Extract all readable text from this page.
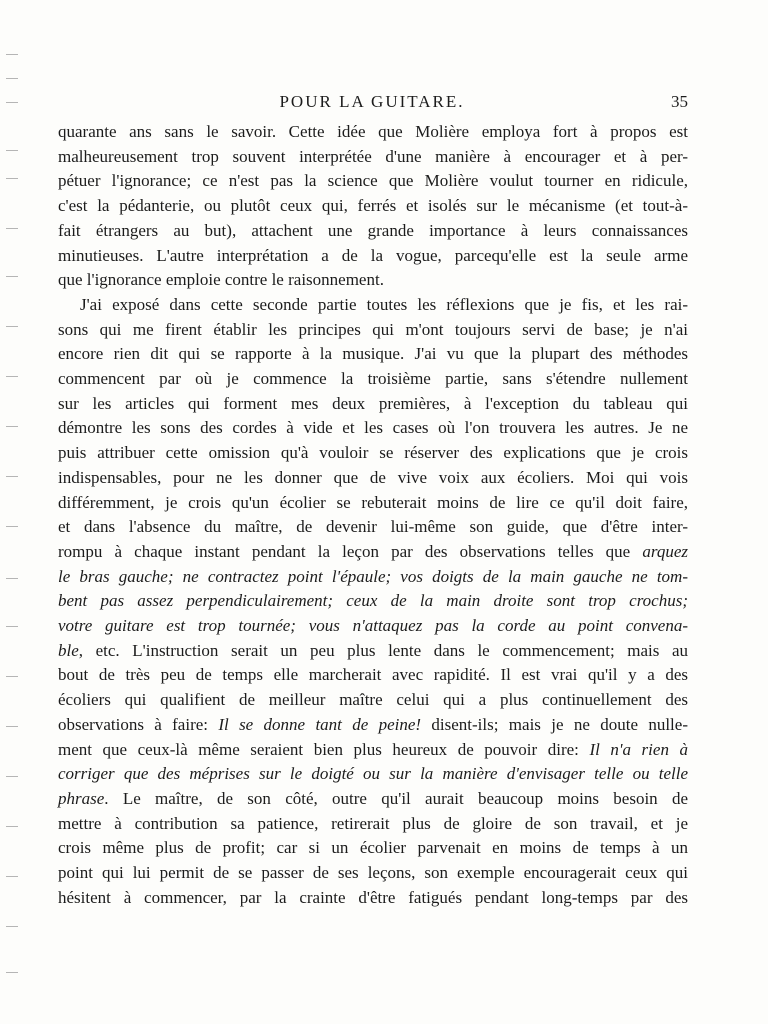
POUR LA GUITARE.	35

quarante ans sans le savoir. Cette idée que Molière employa fort à propos est

malheureusement trop souvent interprétée d'une manière à encourager et à per-

pétuer l'ignorance; ce n'est pas la science que Molière voulut tourner en ridicule,

c'est la pédanterie, ou plutôt ceux qui, ferrés et isolés sur le mécanisme (et tout-à-

fait étrangers au but), attachent une grande importance à leurs connaissances

minutieuses. L'autre interprétation a de la vogue, parcequ'elle est la seule arme

que l'ignorance emploie contre le raisonnement.

J'ai exposé dans cette seconde partie toutes les réflexions que je fis, et les rai-

sons qui me firent établir les principes qui m'ont toujours servi de base; je n'ai

encore rien dit qui se rapporte à la musique. J'ai vu que la plupart des méthodes

commencent par où je commence la troisième partie, sans s'étendre nullement

sur les articles qui forment mes deux premières, à l'exception du tableau qui

démontre les sons des cordes à vide et les cases où l'on trouvera les autres. Je ne

puis attribuer cette omission qu'à vouloir se réserver des explications que je crois

indispensables, pour ne les donner que de vive voix aux écoliers. Moi qui vois

différemment, je crois qu'un écolier se rebuterait moins de lire ce qu'il doit faire,

et dans l'absence du maître, de devenir lui-même son guide, que d'être inter-

rompu à chaque instant pendant la leçon par des observations telles que arquez

le bras gauche; ne contractez point l'épaule; vos doigts de la main gauche ne tom-

bent pas assez perpendiculairement; ceux de la main droite sont trop crochus;

votre guitare est trop tournée; vous n'attaquez pas la corde au point convena-

ble, etc. L'instruction serait un peu plus lente dans le commencement; mais au

bout de très peu de temps elle marcherait avec rapidité. Il est vrai qu'il y a des

écoliers qui qualifient de meilleur maître celui qui a plus continuellement des

observations à faire: Il se donne tant de peine! disent-ils; mais je ne doute nulle-

ment que ceux-là même seraient bien plus heureux de pouvoir dire: Il n'a rien à

corriger que des méprises sur le doigté ou sur la manière d'envisager telle ou telle

phrase. Le maître, de son côté, outre qu'il aurait beaucoup moins besoin de

mettre à contribution sa patience, retirerait plus de gloire de son travail, et je

crois même plus de profit; car si un écolier parvenait en moins de temps à un

point qui lui permit de se passer de ses leçons, son exemple encouragerait ceux qui

hésitent à commencer, par la crainte d'être fatigués pendant long-temps par des
